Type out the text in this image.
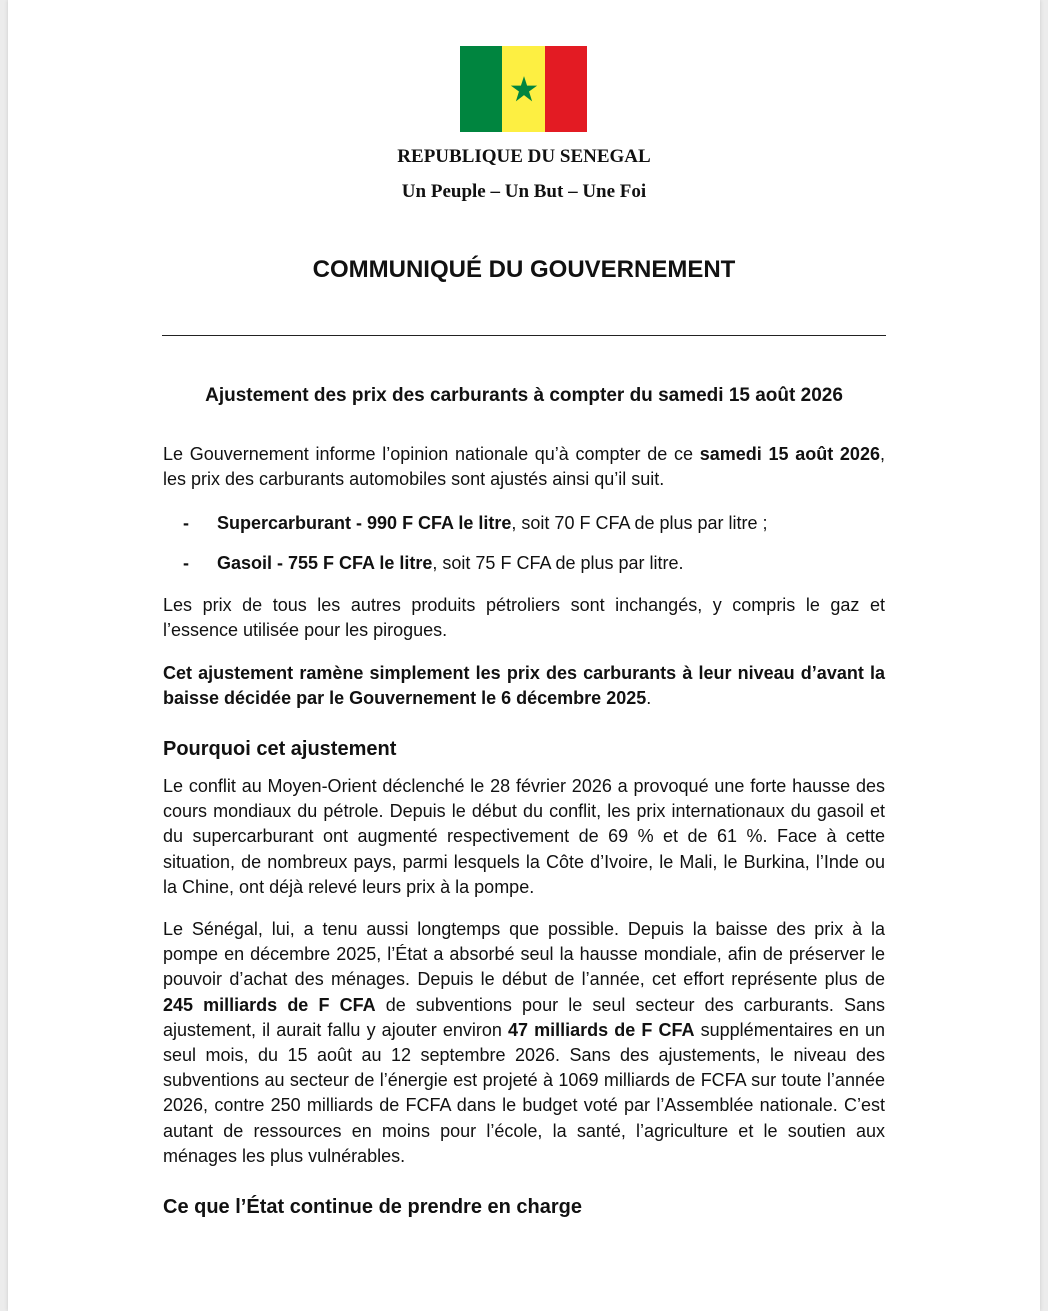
REPUBLIQUE DU SENEGAL
Un Peuple – Un But – Une Foi
COMMUNIQUÉ DU GOUVERNEMENT
Ajustement des prix des carburants à compter du samedi 15 août 2026
Le Gouvernement informe l’opinion nationale qu’à compter de ce samedi 15 août 2026, les prix des carburants automobiles sont ajustés ainsi qu’il suit.
- Supercarburant - 990 F CFA le litre, soit 70 F CFA de plus par litre ;
- Gasoil - 755 F CFA le litre, soit 75 F CFA de plus par litre.
Les prix de tous les autres produits pétroliers sont inchangés, y compris le gaz et l’essence utilisée pour les pirogues.
Cet ajustement ramène simplement les prix des carburants à leur niveau d’avant la baisse décidée par le Gouvernement le 6 décembre 2025.
Pourquoi cet ajustement
Le conflit au Moyen-Orient déclenché le 28 février 2026 a provoqué une forte hausse des cours mondiaux du pétrole. Depuis le début du conflit, les prix internationaux du gasoil et du supercarburant ont augmenté respectivement de 69 % et de 61 %. Face à cette situation, de nombreux pays, parmi lesquels la Côte d’Ivoire, le Mali, le Burkina, l’Inde ou la Chine, ont déjà relevé leurs prix à la pompe.
Le Sénégal, lui, a tenu aussi longtemps que possible. Depuis la baisse des prix à la pompe en décembre 2025, l’État a absorbé seul la hausse mondiale, afin de préserver le pouvoir d’achat des ménages. Depuis le début de l’année, cet effort représente plus de 245 milliards de F CFA de subventions pour le seul secteur des carburants. Sans ajustement, il aurait fallu y ajouter environ 47 milliards de F CFA supplémentaires en un seul mois, du 15 août au 12 septembre 2026. Sans des ajustements, le niveau des subventions au secteur de l’énergie est projeté à 1069 milliards de FCFA sur toute l’année 2026, contre 250 milliards de FCFA dans le budget voté par l’Assemblée nationale. C’est autant de ressources en moins pour l’école, la santé, l’agriculture et le soutien aux ménages les plus vulnérables.
Ce que l’État continue de prendre en charge
